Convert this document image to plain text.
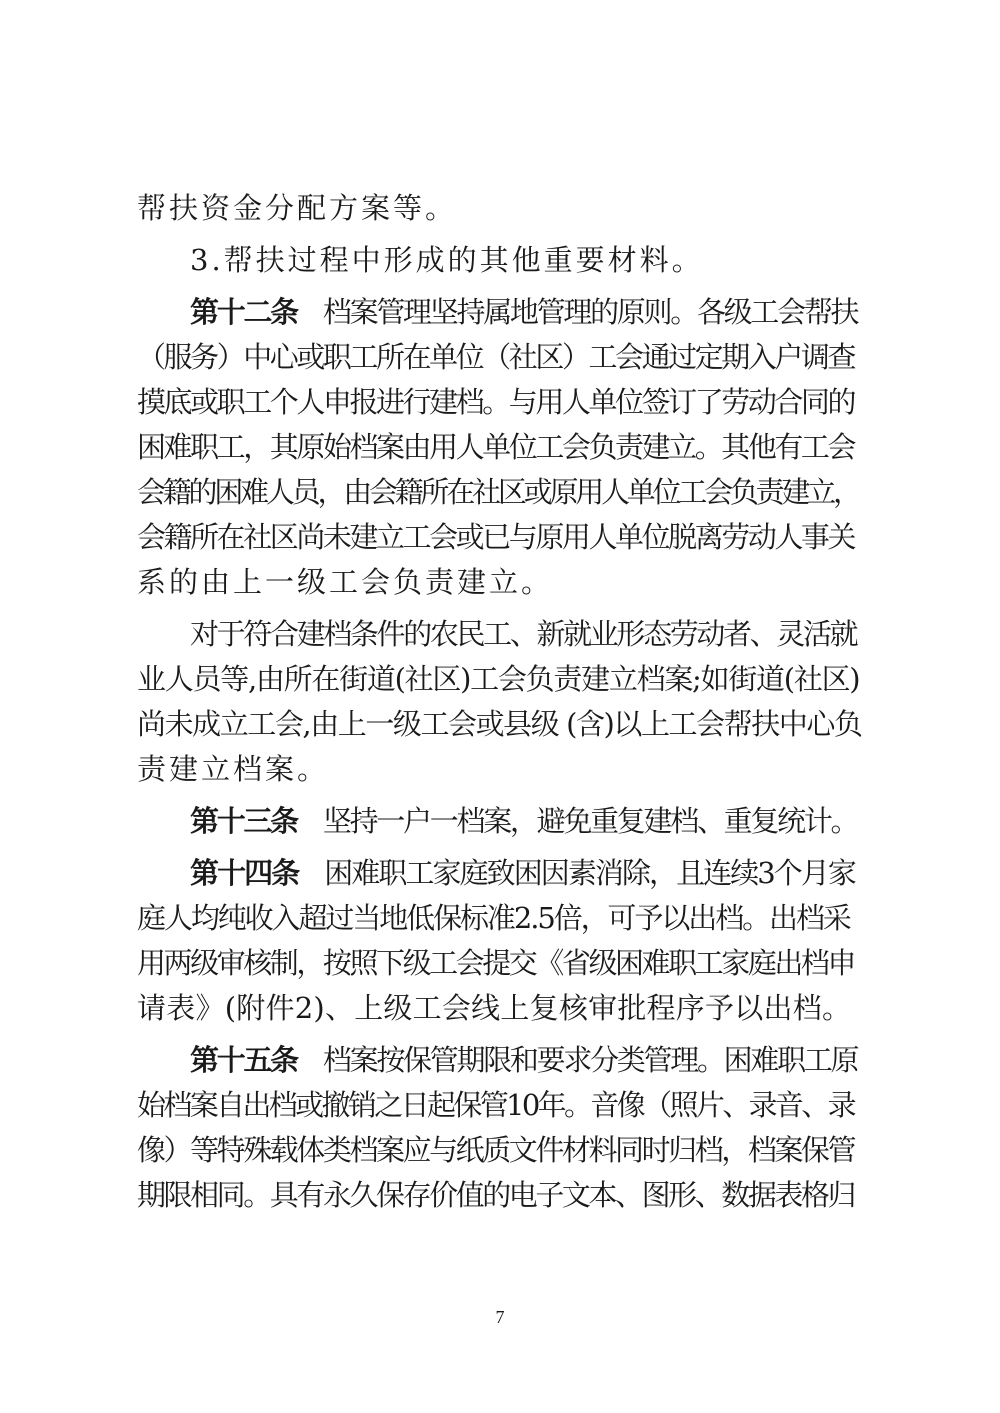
帮扶资金分配方案等。
3.帮扶过程中形成的其他重要材料。
第十二条 档案管理坚持属地管理的原则。各级工会帮扶
（服务）中心或职工所在单位（社区）工会通过定期入户调查
摸底或职工个人申报进行建档。与用人单位签订了劳动合同的
困难职工，其原始档案由用人单位工会负责建立。其他有工会
会籍的困难人员，由会籍所在社区或原用人单位工会负责建立，
会籍所在社区尚未建立工会或已与原用人单位脱离劳动人事关
系的由上一级工会负责建立。
对于符合建档条件的农民工、新就业形态劳动者、灵活就
业人员等,由所在街道(社区)工会负责建立档案;如街道(社区)
尚未成立工会,由上一级工会或县级 (含)以上工会帮扶中心负
责建立档案。
第十三条 坚持一户一档案，避免重复建档、重复统计。
第十四条 困难职工家庭致困因素消除，且连续3个月家
庭人均纯收入超过当地低保标准2.5倍，可予以出档。出档采
用两级审核制，按照下级工会提交《省级困难职工家庭出档申
请表》(附件2)、上级工会线上复核审批程序予以出档。
第十五条 档案按保管期限和要求分类管理。困难职工原
始档案自出档或撤销之日起保管10年。音像（照片、录音、录
像）等特殊载体类档案应与纸质文件材料同时归档，档案保管
期限相同。具有永久保存价值的电子文本、图形、数据表格归
7
